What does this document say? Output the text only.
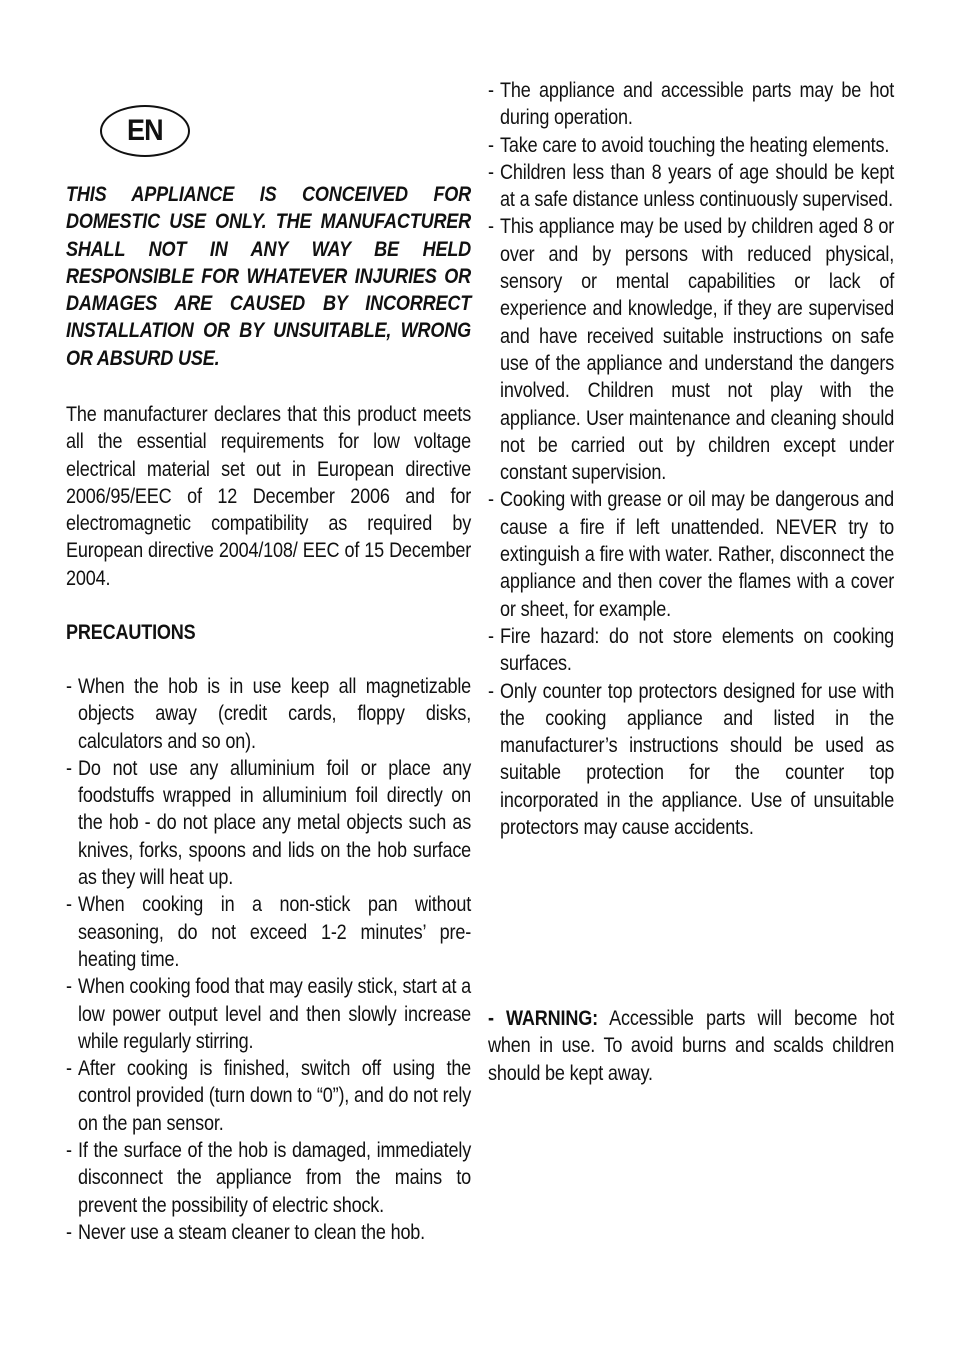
EN
THIS APPLIANCE IS CONCEIVED FOR DOMESTIC USE ONLY. THE MANUFACTURER SHALL NOT IN ANY WAY BE HELD RESPONSIBLE FOR WHATEVER INJURIES OR DAMAGES ARE CAUSED BY INCORRECT INSTALLATION OR BY UNSUITABLE, WRONG OR ABSURD USE.
The manufacturer declares that this product meets all the essential requirements for low voltage electrical material set out in European directive 2006/95/EEC of 12 December 2006 and for electromagnetic compatibility as required by European directive 2004/108/ EEC of 15 December 2004.
PRECAUTIONS
- When the hob is in use keep all magnetizable objects away (credit cards, floppy disks, calculators and so on).
- Do not use any alluminium foil or place any foodstuffs wrapped in alluminium foil directly on the hob - do not place any metal objects such as knives, forks, spoons and lids on the hob surface as they will heat up.
- When cooking in a non-stick pan without seasoning, do not exceed 1-2 minutes’ pre-heating time.
- When cooking food that may easily stick, start at a low power output level and then slowly increase while regularly stirring.
- After cooking is finished, switch off using the control provided (turn down to “0”), and do not rely on the pan sensor.
- If the surface of the hob is damaged, immediately disconnect the appliance from the mains to prevent the possibility of electric shock.
- Never use a steam cleaner to clean the hob.
- The appliance and accessible parts may be hot during operation.
- Take care to avoid touching the heating elements.
- Children less than 8 years of age should be kept at a safe distance unless continuously supervised.
- This appliance may be used by children aged 8 or over and by persons with reduced physical, sensory or mental capabilities or lack of experience and knowledge, if they are supervised and have received suitable instructions on safe use of the appliance and understand the dangers involved. Children must not play with the appliance. User maintenance and cleaning should not be carried out by children except under constant supervision.
- Cooking with grease or oil may be dangerous and cause a fire if left unattended. NEVER try to extinguish a fire with water. Rather, disconnect the appliance and then cover the flames with a cover or sheet, for example.
- Fire hazard: do not store elements on cooking surfaces.
- Only counter top protectors designed for use with the cooking appliance and listed in the manufacturer’s instructions should be used as suitable protection for the counter top incorporated in the appliance. Use of unsuitable protectors may cause accidents.
- WARNING: Accessible parts will become hot when in use. To avoid burns and scalds children should be kept away.
